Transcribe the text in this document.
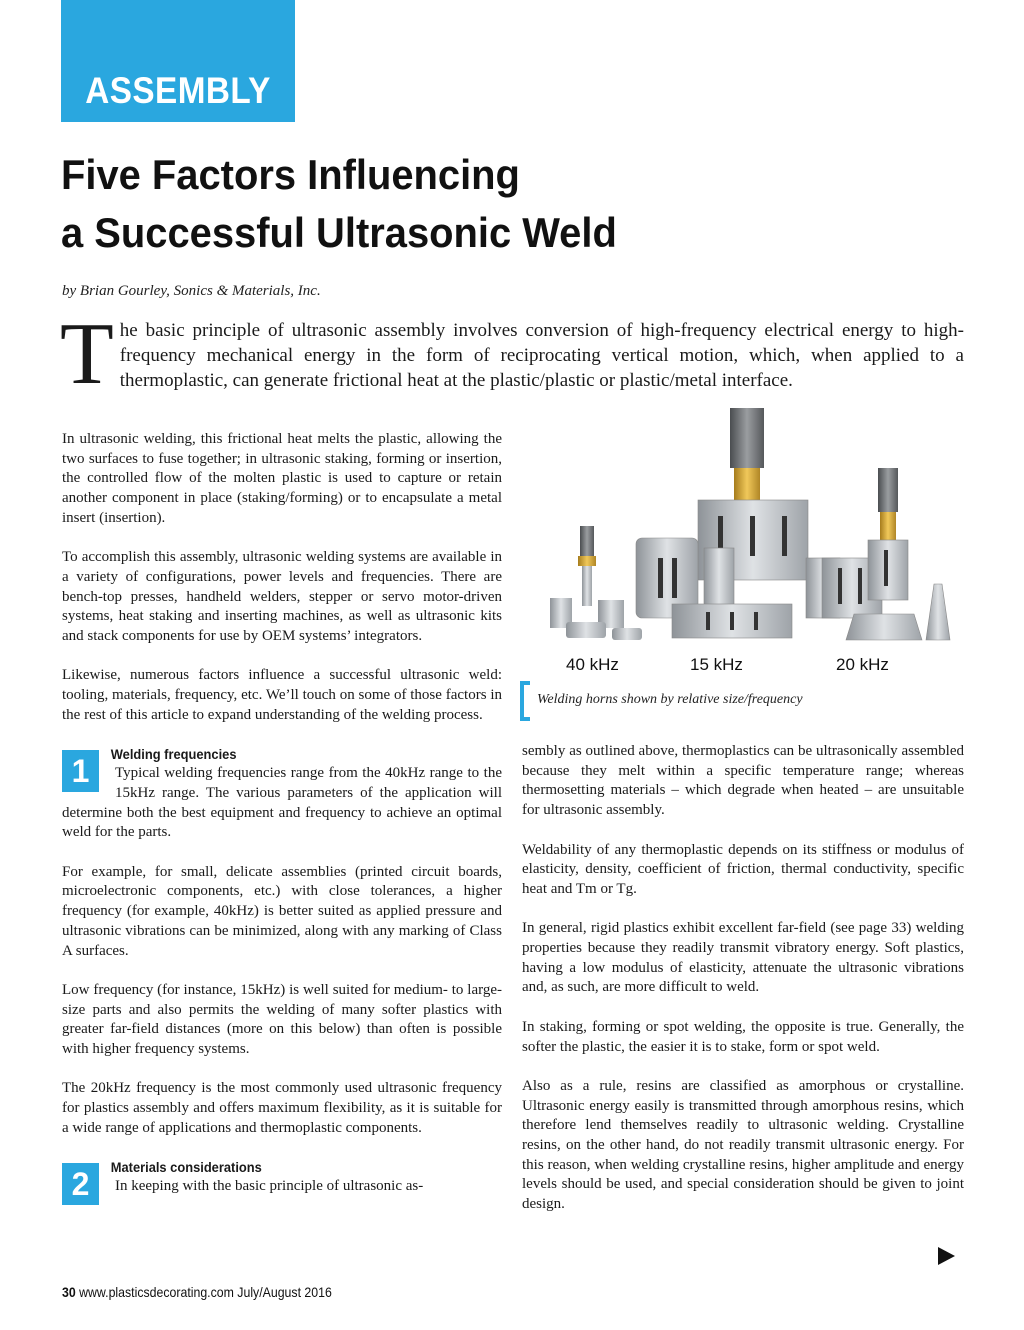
ASSEMBLY
Five Factors Influencing
a Successful Ultrasonic Weld
by Brian Gourley, Sonics & Materials, Inc.
The basic principle of ultrasonic assembly involves conversion of high-frequency electrical energy to high-frequency mechanical energy in the form of reciprocating vertical motion, which, when applied to a thermoplastic, can generate frictional heat at the plastic/plastic or plastic/metal interface.

In ultrasonic welding, this frictional heat melts the plastic, allowing the two surfaces to fuse together; in ultrasonic staking, forming or insertion, the controlled flow of the molten plastic is used to capture or retain another component in place (staking/forming) or to encapsulate a metal insert (insertion).

To accomplish this assembly, ultrasonic welding systems are available in a variety of configurations, power levels and frequencies. There are bench-top presses, handheld welders, stepper or servo motor-driven systems, heat staking and inserting machines, as well as ultrasonic kits and stack components for use by OEM systems’ integrators.

Likewise, numerous factors influence a successful ultrasonic weld: tooling, materials, frequency, etc. We’ll touch on some of those factors in the rest of this article to expand understanding of the welding process.

1	Welding frequencies
Typical welding frequencies range from the 40kHz range to the 15kHz range. The various parameters of the application will determine both the best equipment and frequency to achieve an optimal weld for the parts.

For example, for small, delicate assemblies (printed circuit boards, microelectronic components, etc.) with close tolerances, a higher frequency (for example, 40kHz) is better suited as applied pressure and ultrasonic vibrations can be minimized, along with any marking of Class A surfaces.

Low frequency (for instance, 15kHz) is well suited for medium- to large-size parts and also permits the welding of many softer plastics with greater far-field distances (more on this below) than often is possible with higher frequency systems.

The 20kHz frequency is the most commonly used ultrasonic frequency for plastics assembly and offers maximum flexibility, as it is suitable for a wide range of applications and thermoplastic components.

2	Materials considerations
In keeping with the basic principle of ultrasonic as-
40 kHz	15 kHz	20 kHz
Welding horns shown by relative size/frequency

sembly as outlined above, thermoplastics can be ultrasonically assembled because they melt within a specific temperature range; whereas thermosetting materials – which degrade when heated – are unsuitable for ultrasonic assembly.

Weldability of any thermoplastic depends on its stiffness or modulus of elasticity, density, coefficient of friction, thermal conductivity, specific heat and Tm or Tg.

In general, rigid plastics exhibit excellent far-field (see page 33) welding properties because they readily transmit vibratory energy. Soft plastics, having a low modulus of elasticity, attenuate the ultrasonic vibrations and, as such, are more difficult to weld.

In staking, forming or spot welding, the opposite is true. Generally, the softer the plastic, the easier it is to stake, form or spot weld.

Also as a rule, resins are classified as amorphous or crystalline. Ultrasonic energy easily is transmitted through amorphous resins, which therefore lend themselves readily to ultrasonic welding. Crystalline resins, on the other hand, do not readily transmit ultrasonic energy. For this reason, when welding crystalline resins, higher amplitude and energy levels should be used, and special consideration should be given to joint design.

30 www.plasticsdecorating.com July/August 2016
